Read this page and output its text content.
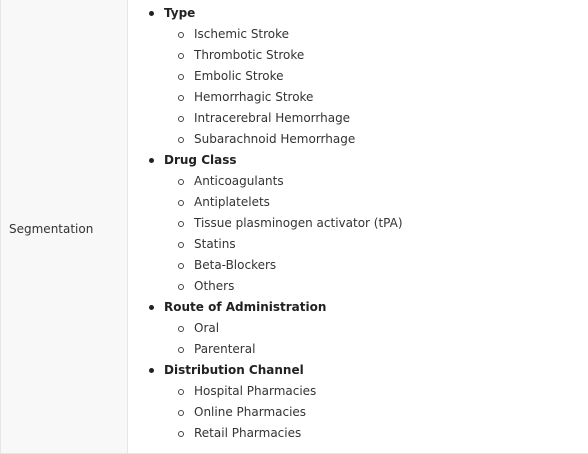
Segmentation
Type
Ischemic Stroke
Thrombotic Stroke
Embolic Stroke
Hemorrhagic Stroke
Intracerebral Hemorrhage
Subarachnoid Hemorrhage
Drug Class
Anticoagulants
Antiplatelets
Tissue plasminogen activator (tPA)
Statins
Beta-Blockers
Others
Route of Administration
Oral
Parenteral
Distribution Channel
Hospital Pharmacies
Online Pharmacies
Retail Pharmacies
